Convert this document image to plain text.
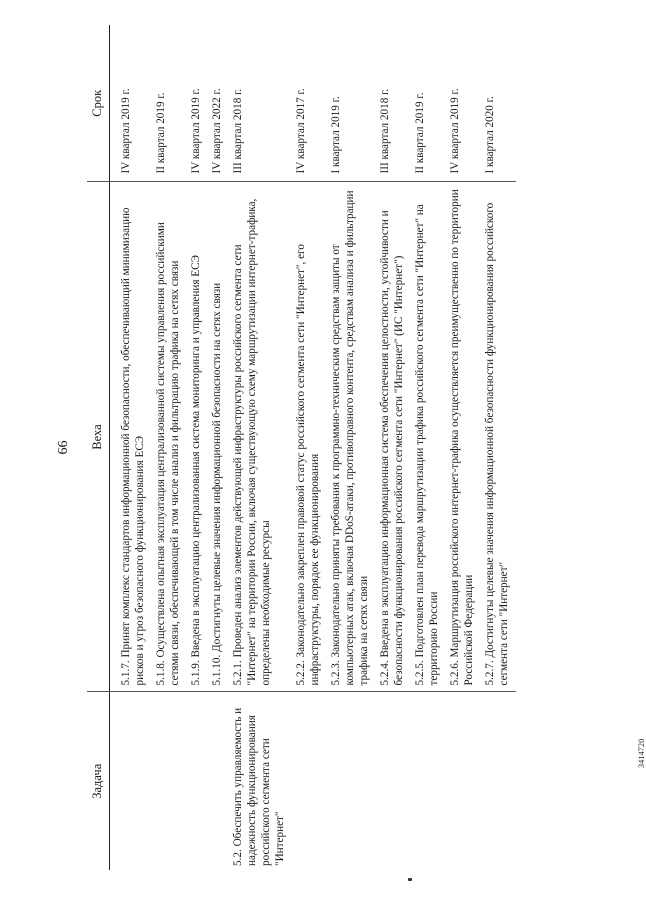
66
Задача	Веха	Срок
	5.1.7. Принят комплекс стандартов информационной безопасности, обеспечивающий минимизацию рисков и угроз безопасного функционирования ЕСЭ	IV квартал 2019 г.
	5.1.8. Осуществлена опытная эксплуатация централизованной системы управления российскими сетями связи, обеспечивающей в том числе анализ и фильтрацию трафика на сетях связи	II квартал 2019 г.
	5.1.9. Введена в эксплуатацию централизованная система мониторинга и управления ЕСЭ	IV квартал 2019 г.
	5.1.10. Достигнуты целевые значения информационной безопасности на сетях связи	IV квартал 2022 г.
5.2. Обеспечить управляемость и надежность функционирования российского сегмента сети "Интернет"	5.2.1. Проведен анализ элементов действующей инфраструктуры российского сегмента сети "Интернет" на территории России, включая существующую схему маршрутизации интернет-трафика, определены необходимые ресурсы	III квартал 2018 г.
	5.2.2. Законодательно закреплен правовой статус российского сегмента сети "Интернет", его инфраструктуры, порядок ее функционирования	IV квартал 2017 г.
	5.2.3. Законодательно приняты требования к программно-техническим средствам защиты от компьютерных атак, включая DDoS-атаки, противоправного контента, средствам анализа и фильтрации трафика на сетях связи	I квартал 2019 г.
	5.2.4. Введена в эксплуатацию информационная система обеспечения целостности, устойчивости и безопасности функционирования российского сегмента сети "Интернет" (ИС "Интернет")	III квартал 2018 г.
	5.2.5. Подготовлен план перевода маршрутизации трафика российского сегмента сети "Интернет" на территорию России	II квартал 2019 г.
	5.2.6. Маршрутизация российского интернет-трафика осуществляется преимущественно по территории Российской Федерации	IV квартал 2019 г.
	5.2.7. Достигнуты целевые значения информационной безопасности функционирования российского сегмента сети "Интернет"	I квартал 2020 г.
3414720
